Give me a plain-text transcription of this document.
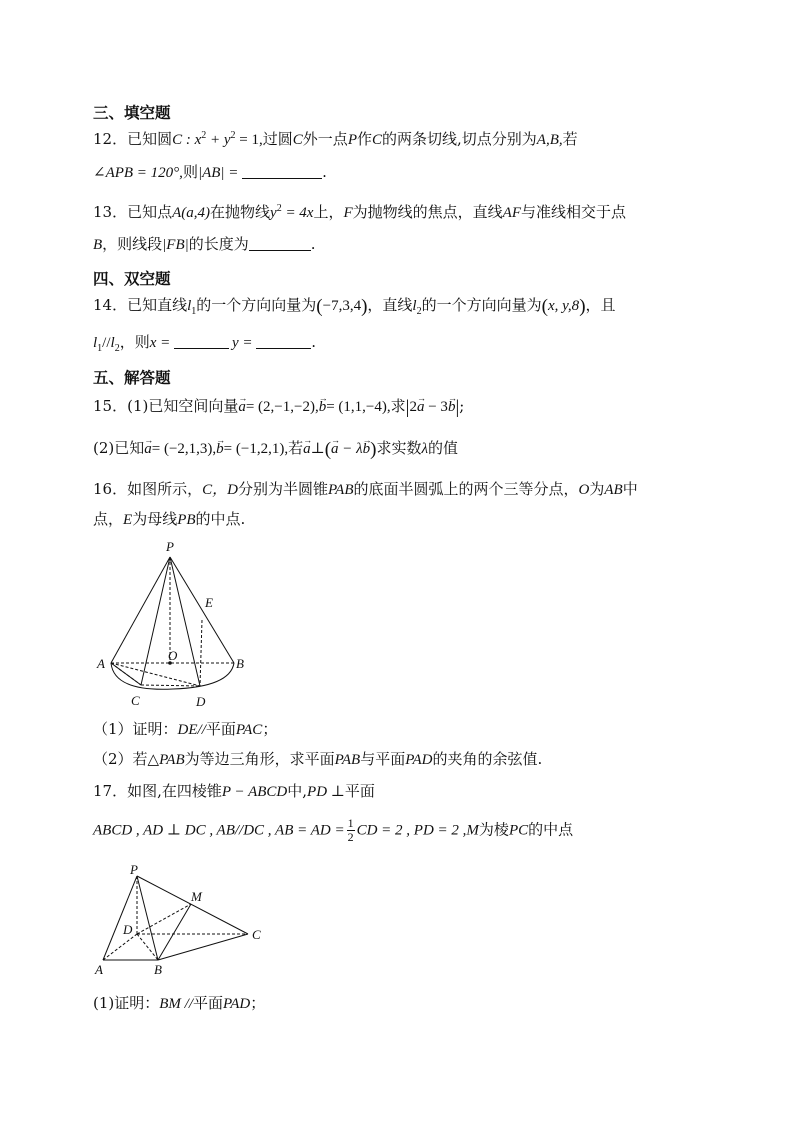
三、填空题
12．已知圆C : $x^2 + y^2 = 1$,过圆C外一点P作C的两条切线,切点分别为A,B,若
∠APB = 120°,则|AB| =	.
13．已知点A(a,4)在抛物线$y^2 = 4x$上，F为抛物线的焦点，直线AF与准线相交于点
B，则线段|FB|的长度为	.
四、双空题
14．已知直线$l_1$的一个方向向量为(−7,3,4)，直线$l_2$的一个方向向量为(x, y,8)，且
$l_1//l_2$，则x =	y =	.
五、解答题
15．(1)已知空间向量→ a= (2,−1,−2),→ b= (1,1,−4),求|2→ a − 3→ b|;
(2)已知→ a= (−2,1,3),→ b= (−1,2,1),若→ a⊥(→ a − λ→ b)求实数λ的值
16．如图所示，C，D分别为半圆锥PAB的底面半圆弧上的两个三等分点，O为AB中
点，E为母线PB的中点.
P
E
O
A	B
C	D
（1）证明：DE//平面PAC；
（2）若△PAB为等边三角形，求平面PAB与平面PAD的夹角的余弦值.
17．如图,在四棱锥P − ABCD中,PD ⊥平面
ABCD , AD ⊥ DC , AB//DC , AB = AD = $\frac{1}{2}$ CD = 2 , PD = 2 ,M为棱PC的中点
P
M
D	C
A	B
(1)证明：BM //平面PAD；
